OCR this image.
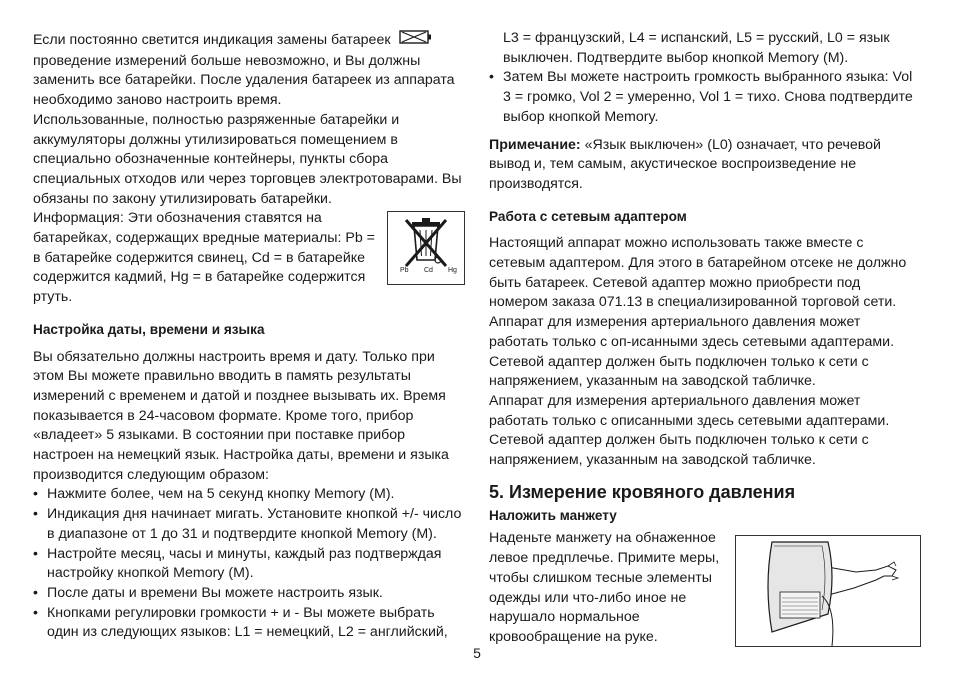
Если постоянно светится индикация замены батареек  проведение измерений больше невозможно, и Вы должны заменить все батарейки. После удаления батареек из аппарата необходимо заново настроить время.

Использованные, полностью разряженные батарейки и аккумуляторы должны утилизироваться помещением в специально обозначенные контейнеры, пункты сбора специальных отходов или через торговцев электротоварами. Вы обязаны по закону утилизировать батарейки.

Pb Cd Hg

Информация: Эти обозначения ставятся на батарейках, содержащих вредные материалы: Pb = в батарейке содержится свинец, Cd = в батарейке содержится кадмий, Hg = в батарейке содержится ртуть.

Настройка даты, времени и языка

Вы обязательно должны настроить время и дату. Только при этом Вы можете правильно вводить в память результаты измерений с временем и датой и позднее вызывать их. Время показывается в 24-часовом формате. Кроме того, прибор «владеет» 5 языками. В состоянии при поставке прибор настроен на немецкий язык. Настройка даты, времени и языка производится следующим образом:

• Нажмите более, чем на 5 секунд кнопку Memory (M).
• Индикация дня начинает мигать. Установите кнопкой +/- число в диапазоне от 1 до 31 и подтвердите кнопкой Memory (M).
• Настройте месяц, часы и минуты, каждый раз подтверждая настройку кнопкой Memory (M).
• После даты и времени Вы можете настроить язык.
• Кнопками регулировки громкости + и - Вы можете выбрать один из следующих языков: L1 = немецкий, L2 = английский,

L3 = французский, L4 = испанский, L5 = русский, L0 = язык выключен. Подтвердите выбор кнопкой Memory (M).

• Затем Вы можете настроить громкость выбранного языка: Vol 3 = громко, Vol 2 = умеренно, Vol 1 = тихо. Снова подтвердите выбор кнопкой Memory.

Примечание: «Язык выключен» (L0) означает, что речевой вывод и, тем самым, акустическое воспроизведение не производятся.

Работа с сетевым адаптером

Настоящий аппарат можно использовать также вместе с сетевым адаптером. Для этого в батарейном отсеке не должно быть батареек. Сетевой адаптер можно приобрести под номером заказа 071.13 в специализированной торговой сети. Аппарат для измерения артериального давления может работать только с оп-исанными здесь сетевыми адаптерами. Сетевой адаптер должен быть подключен только к сети с напряжением, указанным на заводской табличке.

Аппарат для измерения артериального давления может работать только с описанными здесь сетевыми адаптерами. Сетевой адаптер должен быть подключен только к сети с напряжением, указанным на заводской табличке.

5. Измерение кровяного давления

Наложить манжету

Наденьте манжету на обнаженное левое предплечье. Примите меры, чтобы слишком тесные элементы одежды или что-либо иное не нарушало нормальное кровообращение на руке.

5
